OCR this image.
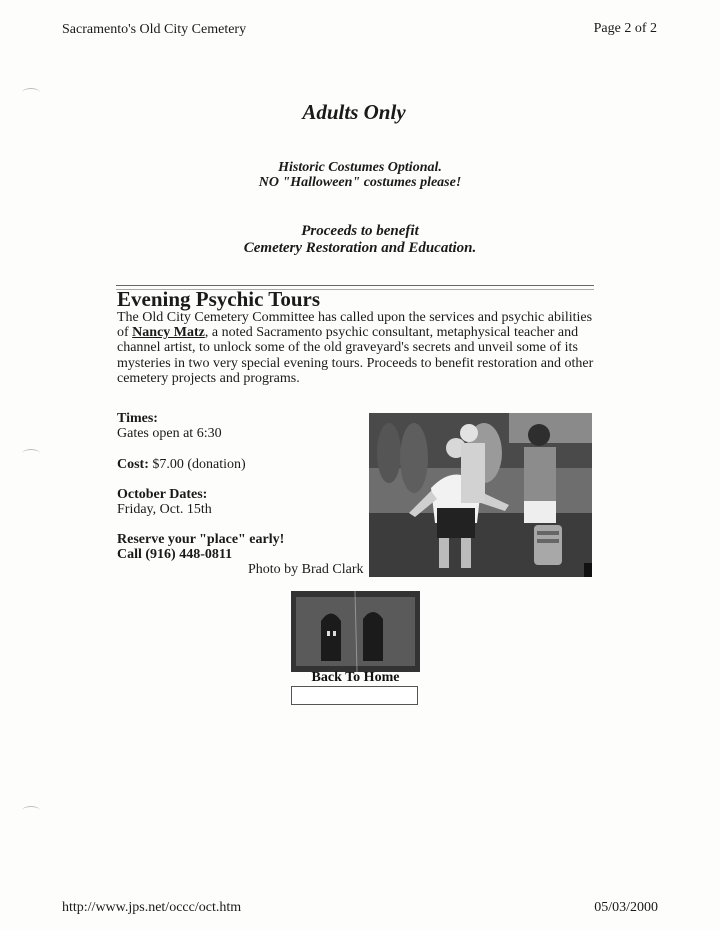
Sacramento's Old City Cemetery	Page 2 of 2
Adults Only
Historic Costumes Optional.
NO "Halloween" costumes please!
Proceeds to benefit
Cemetery Restoration and Education.
Evening Psychic Tours
The Old City Cemetery Committee has called upon the services and psychic abilities of Nancy Matz, a noted Sacramento psychic consultant, metaphysical teacher and channel artist, to unlock some of the old graveyard's secrets and unveil some of its mysteries in two very special evening tours. Proceeds to benefit restoration and other cemetery projects and programs.
Times:
Gates open at 6:30
Cost: $7.00 (donation)
October Dates:
Friday, Oct. 15th
Reserve your "place" early!
Call (916) 448-0811
Photo by Brad Clark
Back To Home
http://www.jps.net/occc/oct.htm	05/03/2000
